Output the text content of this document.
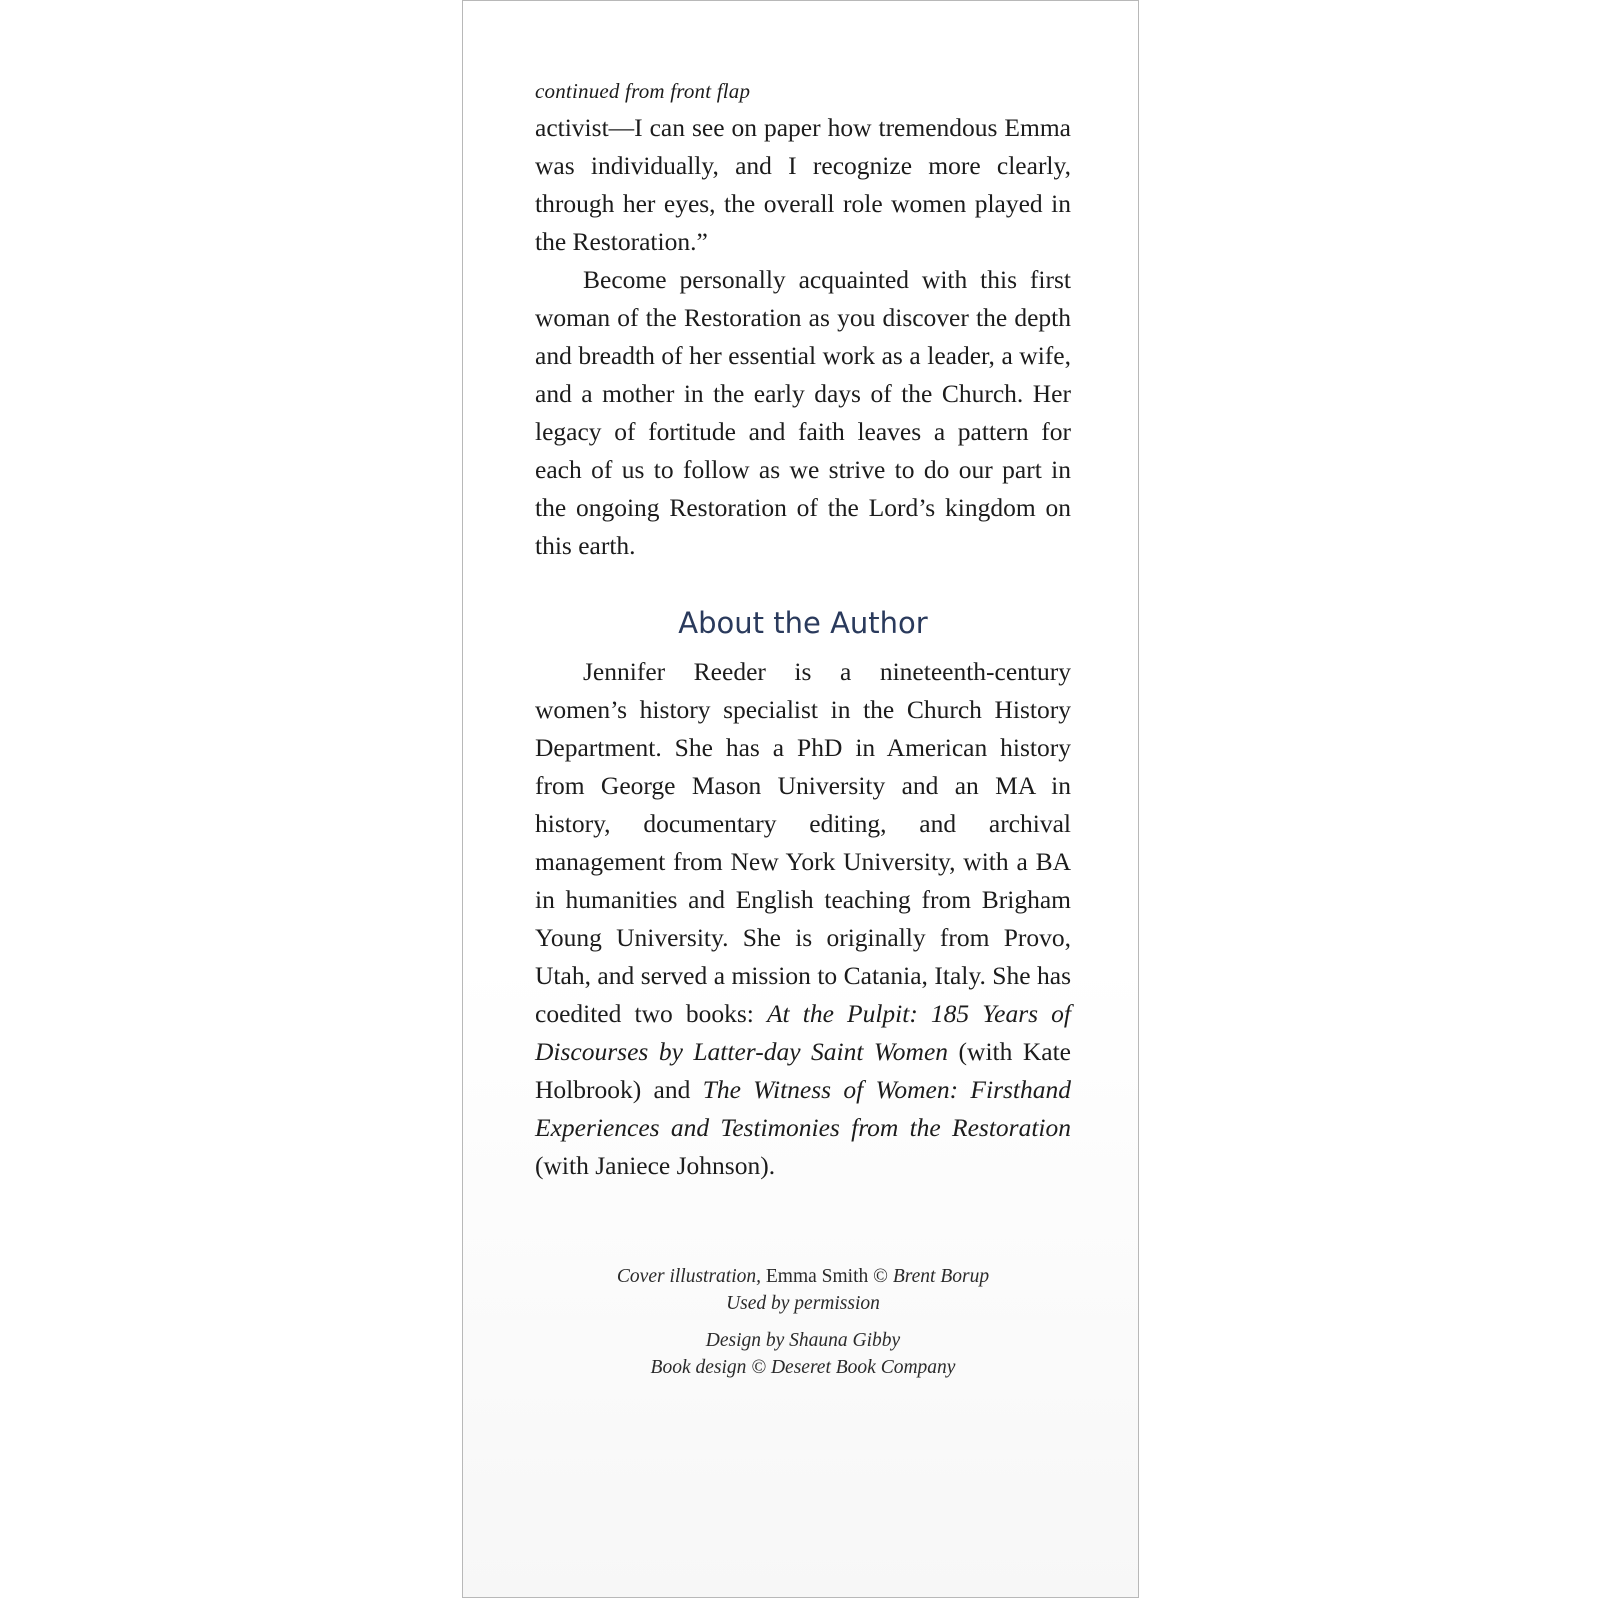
continued from front flap

activist—I can see on paper how tremendous Emma was individually, and I recognize more clearly, through her eyes, the overall role women played in the Restoration.”

Become personally acquainted with this first woman of the Restoration as you discover the depth and breadth of her essential work as a leader, a wife, and a mother in the early days of the Church. Her legacy of fortitude and faith leaves a pattern for each of us to follow as we strive to do our part in the ongoing Restoration of the Lord’s kingdom on this earth.

About the Author

Jennifer Reeder is a nineteenth-century women’s history specialist in the Church History Department. She has a PhD in American history from George Mason University and an MA in history, documentary editing, and archival management from New York University, with a BA in humanities and English teaching from Brigham Young University. She is originally from Provo, Utah, and served a mission to Catania, Italy. She has coedited two books: At the Pulpit: 185 Years of Discourses by Latter-day Saint Women (with Kate Holbrook) and The Witness of Women: Firsthand Experiences and Testimonies from the Restoration (with Janiece Johnson).

Cover illustration, Emma Smith © Brent Borup

Used by permission

Design by Shauna Gibby

Book design © Deseret Book Company
